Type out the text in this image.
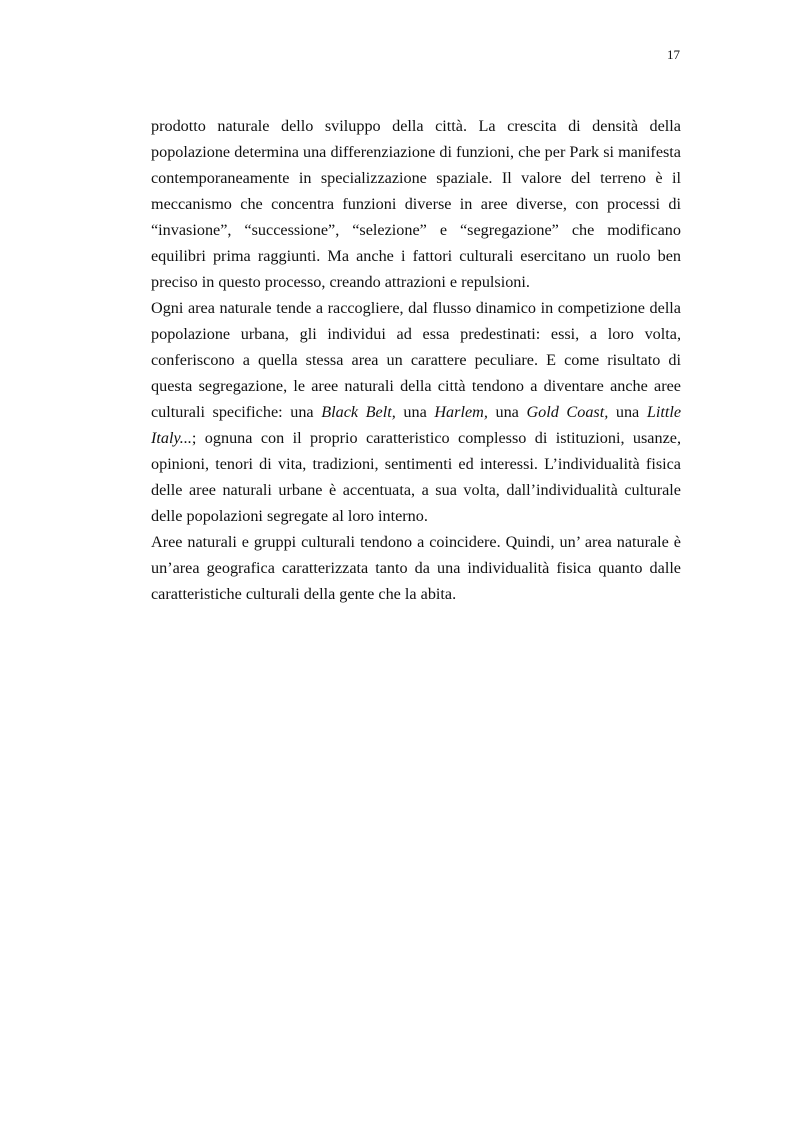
17

prodotto naturale dello sviluppo della città. La crescita di densità della popolazione determina una differenziazione di funzioni, che per Park si manifesta contemporaneamente in specializzazione spaziale. Il valore del terreno è il meccanismo che concentra funzioni diverse in aree diverse, con processi di “invasione”, “successione”, “selezione” e “segregazione” che modificano equilibri prima raggiunti. Ma anche i fattori culturali esercitano un ruolo ben preciso in questo processo, creando attrazioni e repulsioni.

Ogni area naturale tende a raccogliere, dal flusso dinamico in competizione della popolazione urbana, gli individui ad essa predestinati: essi, a loro volta, conferiscono a quella stessa area un carattere peculiare. E come risultato di questa segregazione, le aree naturali della città tendono a diventare anche aree culturali specifiche: una Black Belt, una Harlem, una Gold Coast, una Little Italy...; ognuna con il proprio caratteristico complesso di istituzioni, usanze, opinioni, tenori di vita, tradizioni, sentimenti ed interessi. L’individualità fisica delle aree naturali urbane è accentuata, a sua volta, dall’individualità culturale delle popolazioni segregate al loro interno.

Aree naturali e gruppi culturali tendono a coincidere. Quindi, un’ area naturale è un’area geografica caratterizzata tanto da una individualità fisica quanto dalle caratteristiche culturali della gente che la abita.
